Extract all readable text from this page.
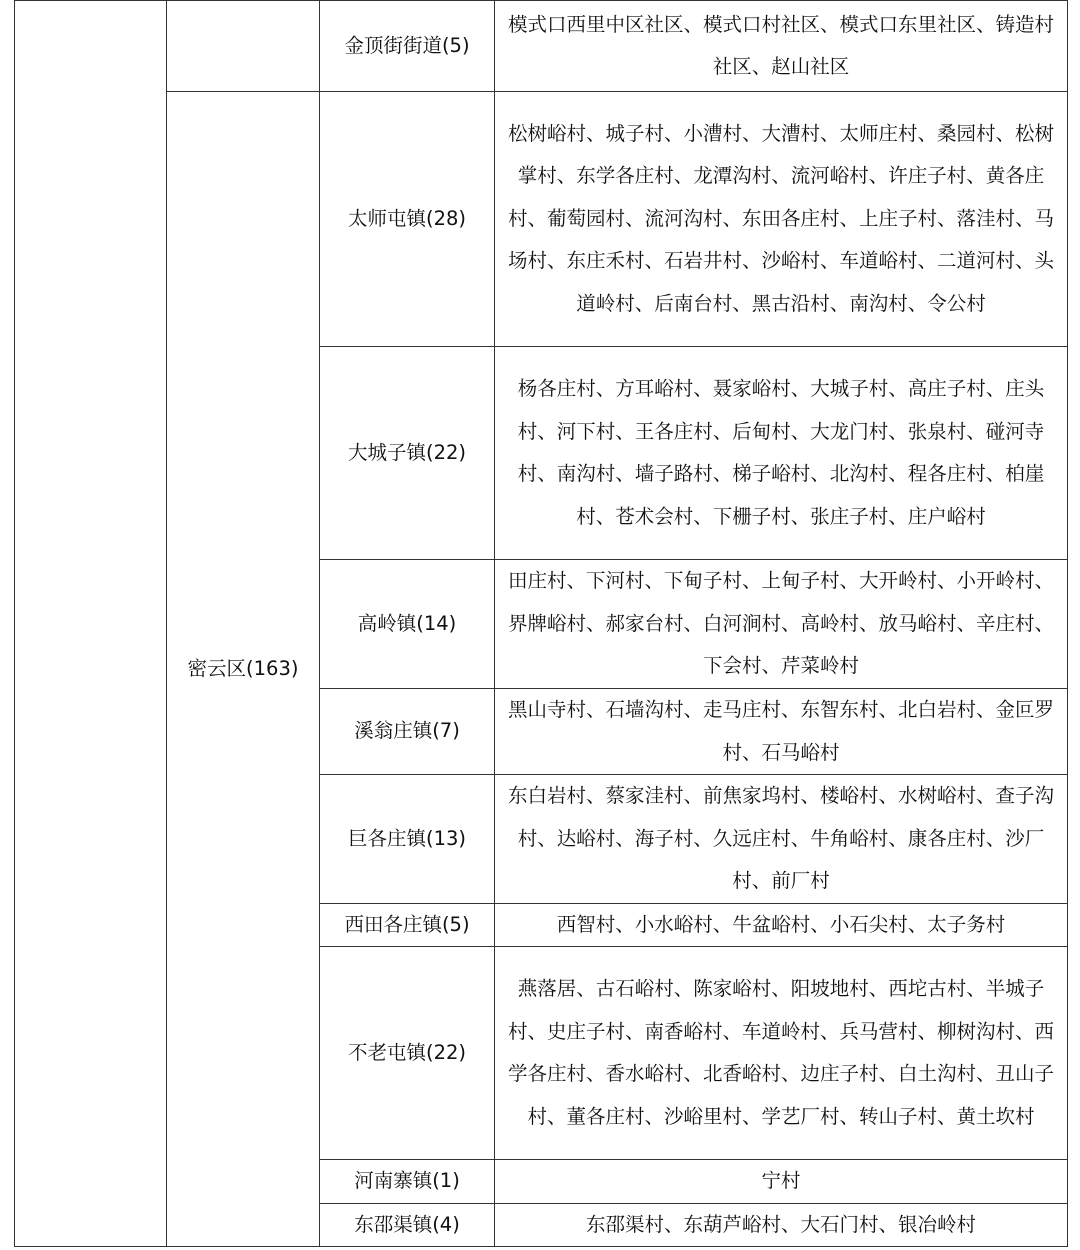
		金顶街街道(5)	模式口西里中区社区、模式口村社区、模式口东里社区、铸造村社区、赵山社区
	密云区(163)	太师屯镇(28)	松树峪村、城子村、小漕村、大漕村、太师庄村、桑园村、松树掌村、东学各庄村、龙潭沟村、流河峪村、许庄子村、黄各庄村、葡萄园村、流河沟村、东田各庄村、上庄子村、落洼村、马场村、东庄禾村、石岩井村、沙峪村、车道峪村、二道河村、头道岭村、后南台村、黑古沿村、南沟村、令公村
		大城子镇(22)	杨各庄村、方耳峪村、聂家峪村、大城子村、高庄子村、庄头村、河下村、王各庄村、后甸村、大龙门村、张泉村、碰河寺村、南沟村、墙子路村、梯子峪村、北沟村、程各庄村、柏崖村、苍术会村、下栅子村、张庄子村、庄户峪村
		高岭镇(14)	田庄村、下河村、下甸子村、上甸子村、大开岭村、小开岭村、界牌峪村、郝家台村、白河涧村、高岭村、放马峪村、辛庄村、下会村、芹菜岭村
		溪翁庄镇(7)	黑山寺村、石墙沟村、走马庄村、东智东村、北白岩村、金叵罗村、石马峪村
		巨各庄镇(13)	东白岩村、蔡家洼村、前焦家坞村、楼峪村、水树峪村、查子沟村、达峪村、海子村、久远庄村、牛角峪村、康各庄村、沙厂村、前厂村
		西田各庄镇(5)	西智村、小水峪村、牛盆峪村、小石尖村、太子务村
		不老屯镇(22)	燕落居、古石峪村、陈家峪村、阳坡地村、西坨古村、半城子村、史庄子村、南香峪村、车道岭村、兵马营村、柳树沟村、西学各庄村、香水峪村、北香峪村、边庄子村、白土沟村、丑山子村、董各庄村、沙峪里村、学艺厂村、转山子村、黄土坎村
		河南寨镇(1)	宁村
		东邵渠镇(4)	东邵渠村、东葫芦峪村、大石门村、银冶岭村
